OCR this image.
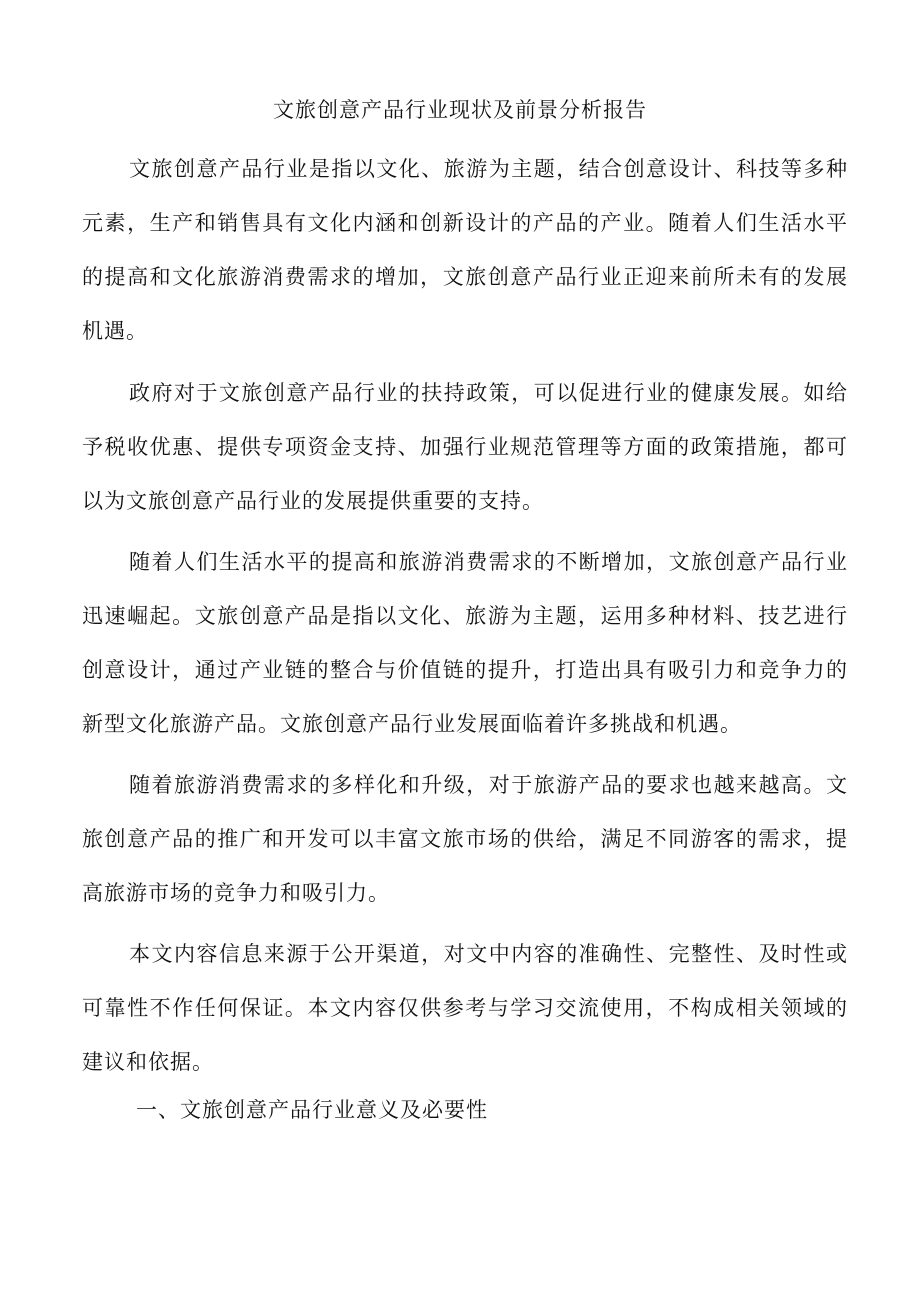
文旅创意产品行业现状及前景分析报告

文旅创意产品行业是指以文化、旅游为主题，结合创意设计、科技等多种元素，生产和销售具有文化内涵和创新设计的产品的产业。随着人们生活水平的提高和文化旅游消费需求的增加，文旅创意产品行业正迎来前所未有的发展机遇。

政府对于文旅创意产品行业的扶持政策，可以促进行业的健康发展。如给予税收优惠、提供专项资金支持、加强行业规范管理等方面的政策措施，都可以为文旅创意产品行业的发展提供重要的支持。

随着人们生活水平的提高和旅游消费需求的不断增加，文旅创意产品行业迅速崛起。文旅创意产品是指以文化、旅游为主题，运用多种材料、技艺进行创意设计，通过产业链的整合与价值链的提升，打造出具有吸引力和竞争力的新型文化旅游产品。文旅创意产品行业发展面临着许多挑战和机遇。

随着旅游消费需求的多样化和升级，对于旅游产品的要求也越来越高。文旅创意产品的推广和开发可以丰富文旅市场的供给，满足不同游客的需求，提高旅游市场的竞争力和吸引力。

本文内容信息来源于公开渠道，对文中内容的准确性、完整性、及时性或可靠性不作任何保证。本文内容仅供参考与学习交流使用，不构成相关领域的建议和依据。

一、文旅创意产品行业意义及必要性
